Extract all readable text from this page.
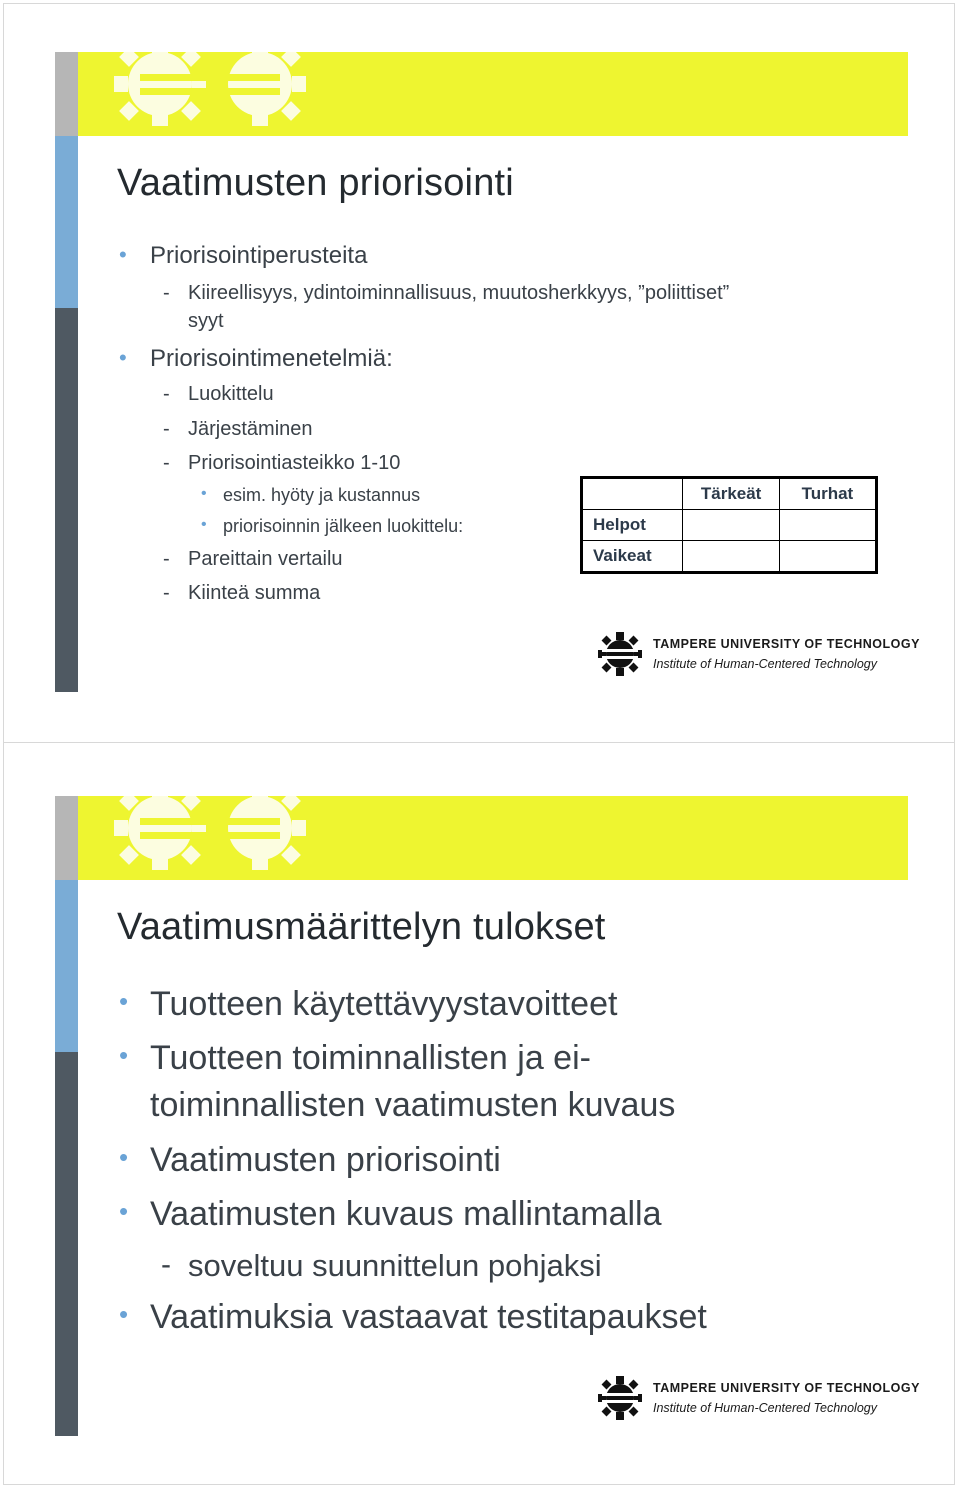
Vaatimusten priorisointi
• Priorisointiperusteita
- Kiireellisyys, ydintoiminnallisuus, muutosherkkyys, ”poliittiset”
syyt
• Priorisointimenetelmiä:
- Luokittelu
- Järjestäminen
- Priorisointiasteikko 1-10
• esim. hyöty ja kustannus
• priorisoinnin jälkeen luokittelu:
- Pareittain vertailu
- Kiinteä summa
	Tärkeät	Turhat
Helpot		
Vaikeat		
TAMPERE UNIVERSITY OF TECHNOLOGY
Institute of Human-Centered Technology
Vaatimusmäärittelyn tulokset
• Tuotteen käytettävyystavoitteet
• Tuotteen toiminnallisten ja ei-
toiminnallisten vaatimusten kuvaus
• Vaatimusten priorisointi
• Vaatimusten kuvaus mallintamalla
- soveltuu suunnittelun pohjaksi
• Vaatimuksia vastaavat testitapaukset
TAMPERE UNIVERSITY OF TECHNOLOGY
Institute of Human-Centered Technology
